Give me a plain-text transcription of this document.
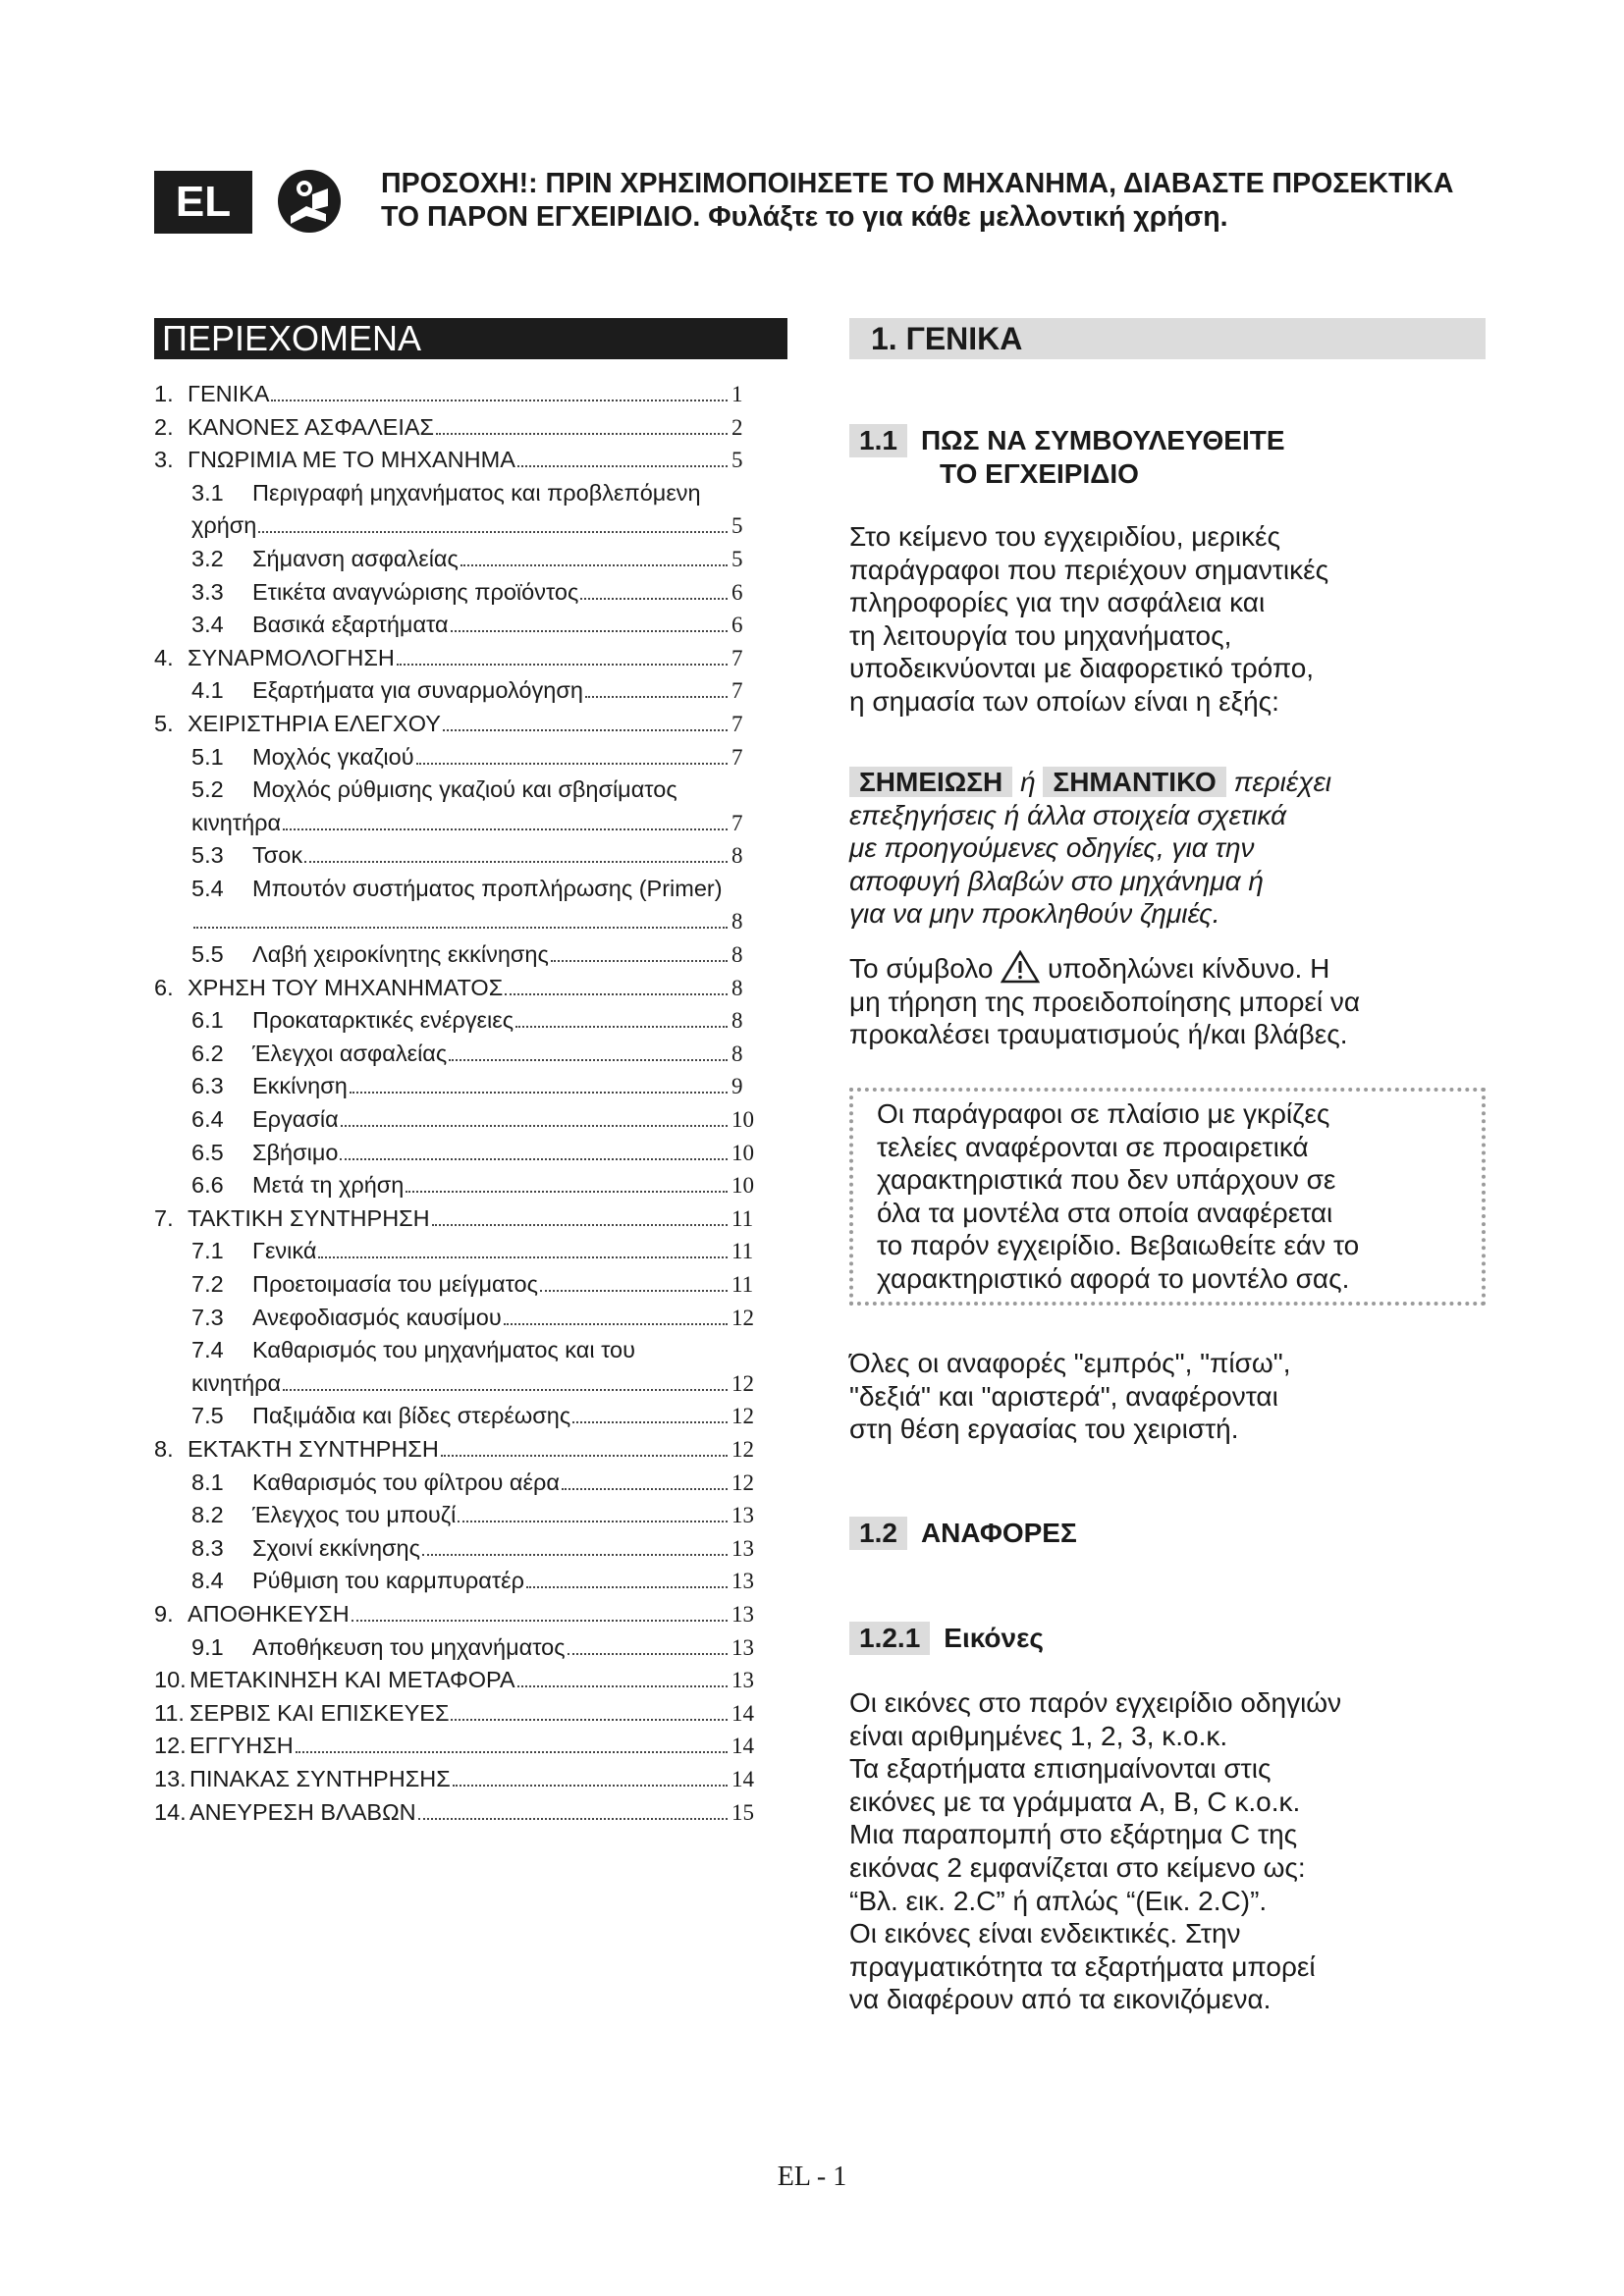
EL	ΠΡΟΣΟΧΗ!: ΠΡΙΝ ΧΡΗΣΙΜΟΠΟΙΗΣΕΤΕ ΤΟ ΜΗΧΑΝΗΜΑ, ΔΙΑΒΑΣΤΕ ΠΡΟΣΕΚΤΙΚΑ
ΤΟ ΠΑΡΟΝ ΕΓΧΕΙΡΙΔΙΟ. Φυλάξτε το για κάθε μελλοντική χρήση.
ΠΕΡΙΕΧΟΜΕΝΑ
1. ΓΕΝΙΚΑ	1
2. ΚΑΝΟΝΕΣ ΑΣΦΑΛΕΙΑΣ	2
3. ΓΝΩΡΙΜΙΑ ΜΕ ΤΟ ΜΗΧΑΝΗΜΑ	5
3.1	Περιγραφή μηχανήματος και προβλεπόμενη
χρήση	5
3.2	Σήμανση ασφαλείας	5
3.3	Ετικέτα αναγνώρισης προϊόντος	6
3.4	Βασικά εξαρτήματα	6
4. ΣΥΝΑΡΜΟΛΟΓΗΣΗ	7
4.1	Εξαρτήματα για συναρμολόγηση	7
5. ΧΕΙΡΙΣΤΗΡΙΑ ΕΛΕΓΧΟΥ	7
5.1	Μοχλός γκαζιού	7
5.2	Μοχλός ρύθμισης γκαζιού και σβησίματος
κινητήρα	7
5.3	Τσοκ	8
5.4	Μπουτόν συστήματος προπλήρωσης (Primer)
8
5.5	Λαβή χειροκίνητης εκκίνησης	8
6. ΧΡΗΣΗ ΤΟΥ ΜΗΧΑΝΗΜΑΤΟΣ	8
6.1	Προκαταρκτικές ενέργειες	8
6.2	Έλεγχοι ασφαλείας	8
6.3	Εκκίνηση	9
6.4	Εργασία	10
6.5	Σβήσιμο	10
6.6	Μετά τη χρήση	10
7. ΤΑΚΤΙΚΗ ΣΥΝΤΗΡΗΣΗ	11
7.1	Γενικά	11
7.2	Προετοιμασία του μείγματος	11
7.3	Ανεφοδιασμός καυσίμου	12
7.4	Καθαρισμός του μηχανήματος και του
κινητήρα	12
7.5	Παξιμάδια και βίδες στερέωσης	12
8. ΕΚΤΑΚΤΗ ΣΥΝΤΗΡΗΣΗ	12
8.1	Καθαρισμός του φίλτρου αέρα	12
8.2	Έλεγχος του μπουζί	13
8.3	Σχοινί εκκίνησης	13
8.4	Ρύθμιση του καρμπυρατέρ	13
9. ΑΠΟΘΗΚΕΥΣΗ	13
9.1	Αποθήκευση του μηχανήματος	13
10. ΜΕΤΑΚΙΝΗΣΗ ΚΑΙ ΜΕΤΑΦΟΡΑ	13
11. ΣΕΡΒΙΣ ΚΑΙ ΕΠΙΣΚΕΥΕΣ	14
12. ΕΓΓΥΗΣΗ	14
13. ΠΙΝΑΚΑΣ ΣΥΝΤΗΡΗΣΗΣ	14
14. ΑΝΕΥΡΕΣΗ ΒΛΑΒΩΝ	15
1. ΓΕΝΙΚΑ
1.1 ΠΩΣ ΝΑ ΣΥΜΒΟΥΛΕΥΘΕΙΤΕ
ΤΟ ΕΓΧΕΙΡΙΔΙΟ
Στο κείμενο του εγχειριδίου, μερικές
παράγραφοι που περιέχουν σημαντικές
πληροφορίες για την ασφάλεια και
τη λειτουργία του μηχανήματος,
υποδεικνύονται με διαφορετικό τρόπο,
η σημασία των οποίων είναι η εξής:
ΣΗΜΕΙΩΣΗ ή ΣΗΜΑΝΤΙΚΟ περιέχει
επεξηγήσεις ή άλλα στοιχεία σχετικά
με προηγούμενες οδηγίες, για την
αποφυγή βλαβών στο μηχάνημα ή
για να μην προκληθούν ζημιές.
Το σύμβολο υποδηλώνει κίνδυνο. Η
μη τήρηση της προειδοποίησης μπορεί να
προκαλέσει τραυματισμούς ή/και βλάβες.
Οι παράγραφοι σε πλαίσιο με γκρίζες
τελείες αναφέρονται σε προαιρετικά
χαρακτηριστικά που δεν υπάρχουν σε
όλα τα μοντέλα στα οποία αναφέρεται
το παρόν εγχειρίδιο. Βεβαιωθείτε εάν το
χαρακτηριστικό αφορά το μοντέλο σας.
Όλες οι αναφορές "εμπρός", "πίσω",
"δεξιά" και "αριστερά", αναφέρονται
στη θέση εργασίας του χειριστή.
1.2 ΑΝΑΦΟΡΕΣ
1.2.1 Εικόνες
Οι εικόνες στο παρόν εγχειρίδιο οδηγιών
είναι αριθμημένες 1, 2, 3, κ.ο.κ.
Τα εξαρτήματα επισημαίνονται στις
εικόνες με τα γράμματα A, B, C κ.ο.κ.
Μια παραπομπή στο εξάρτημα C της
εικόνας 2 εμφανίζεται στο κείμενο ως:
“Βλ. εικ. 2.C” ή απλώς “(Εικ. 2.C)”.
Οι εικόνες είναι ενδεικτικές. Στην
πραγματικότητα τα εξαρτήματα μπορεί
να διαφέρουν από τα εικονιζόμενα.
EL - 1
